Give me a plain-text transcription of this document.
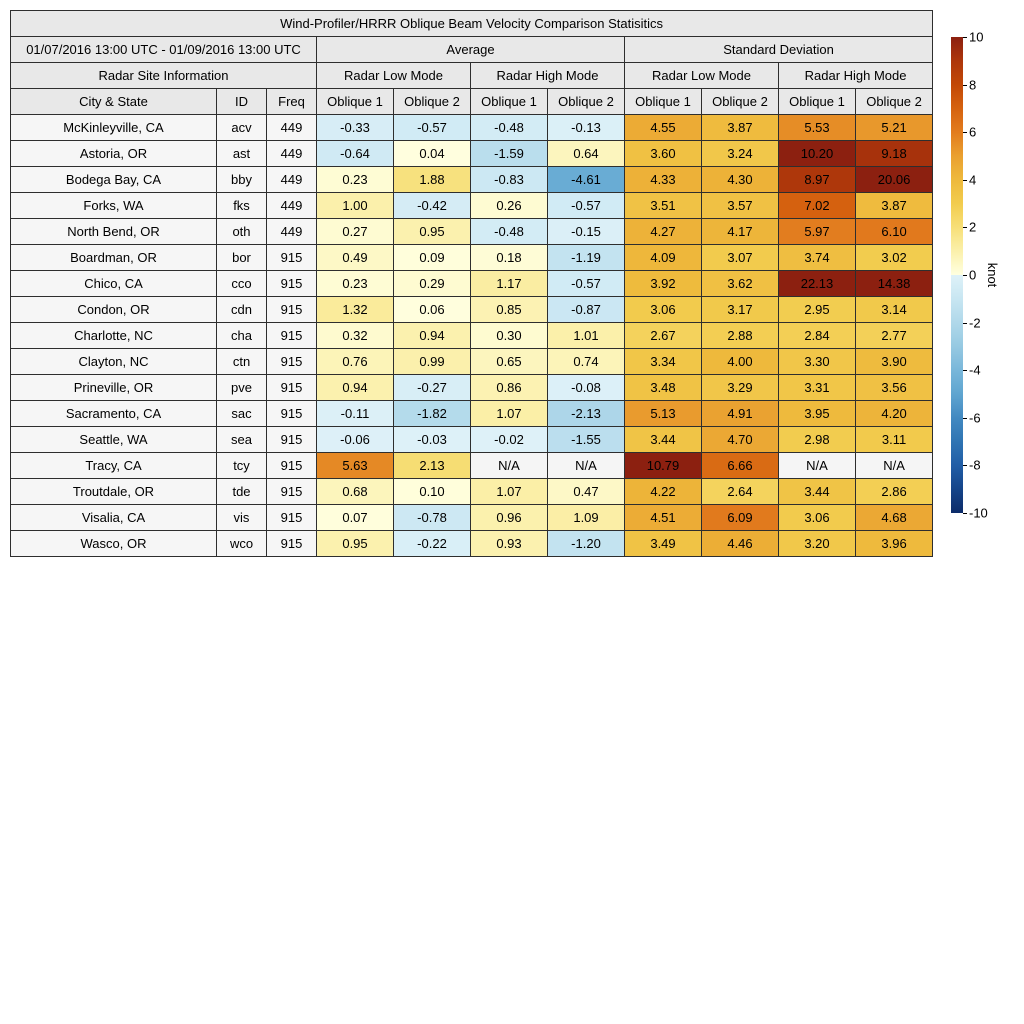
Wind-Profiler/HRRR Oblique Beam Velocity Comparison Statisitics										
01/07/2016 13:00 UTC - 01/09/2016 13:00 UTC			Average				Standard Deviation			
Radar Site Information			Radar Low Mode		Radar High Mode		Radar Low Mode		Radar High Mode	
City & State	ID	Freq	Oblique 1	Oblique 2	Oblique 1	Oblique 2	Oblique 1	Oblique 2	Oblique 1	Oblique 2
McKinleyville, CA	acv	449	-0.33	-0.57	-0.48	-0.13	4.55	3.87	5.53	5.21
Astoria, OR	ast	449	-0.64	0.04	-1.59	0.64	3.60	3.24	10.20	9.18
Bodega Bay, CA	bby	449	0.23	1.88	-0.83	-4.61	4.33	4.30	8.97	20.06
Forks, WA	fks	449	1.00	-0.42	0.26	-0.57	3.51	3.57	7.02	3.87
North Bend, OR	oth	449	0.27	0.95	-0.48	-0.15	4.27	4.17	5.97	6.10
Boardman, OR	bor	915	0.49	0.09	0.18	-1.19	4.09	3.07	3.74	3.02
Chico, CA	cco	915	0.23	0.29	1.17	-0.57	3.92	3.62	22.13	14.38
Condon, OR	cdn	915	1.32	0.06	0.85	-0.87	3.06	3.17	2.95	3.14
Charlotte, NC	cha	915	0.32	0.94	0.30	1.01	2.67	2.88	2.84	2.77
Clayton, NC	ctn	915	0.76	0.99	0.65	0.74	3.34	4.00	3.30	3.90
Prineville, OR	pve	915	0.94	-0.27	0.86	-0.08	3.48	3.29	3.31	3.56
Sacramento, CA	sac	915	-0.11	-1.82	1.07	-2.13	5.13	4.91	3.95	4.20
Seattle, WA	sea	915	-0.06	-0.03	-0.02	-1.55	3.44	4.70	2.98	3.11
Tracy, CA	tcy	915	5.63	2.13	N/A	N/A	10.79	6.66	N/A	N/A
Troutdale, OR	tde	915	0.68	0.10	1.07	0.47	4.22	2.64	3.44	2.86
Visalia, CA	vis	915	0.07	-0.78	0.96	1.09	4.51	6.09	3.06	4.68
Wasco, OR	wco	915	0.95	-0.22	0.93	-1.20	3.49	4.46	3.20	3.96
10
8
6
4
2
0
-2
-4
-6
-8
-10
knot
